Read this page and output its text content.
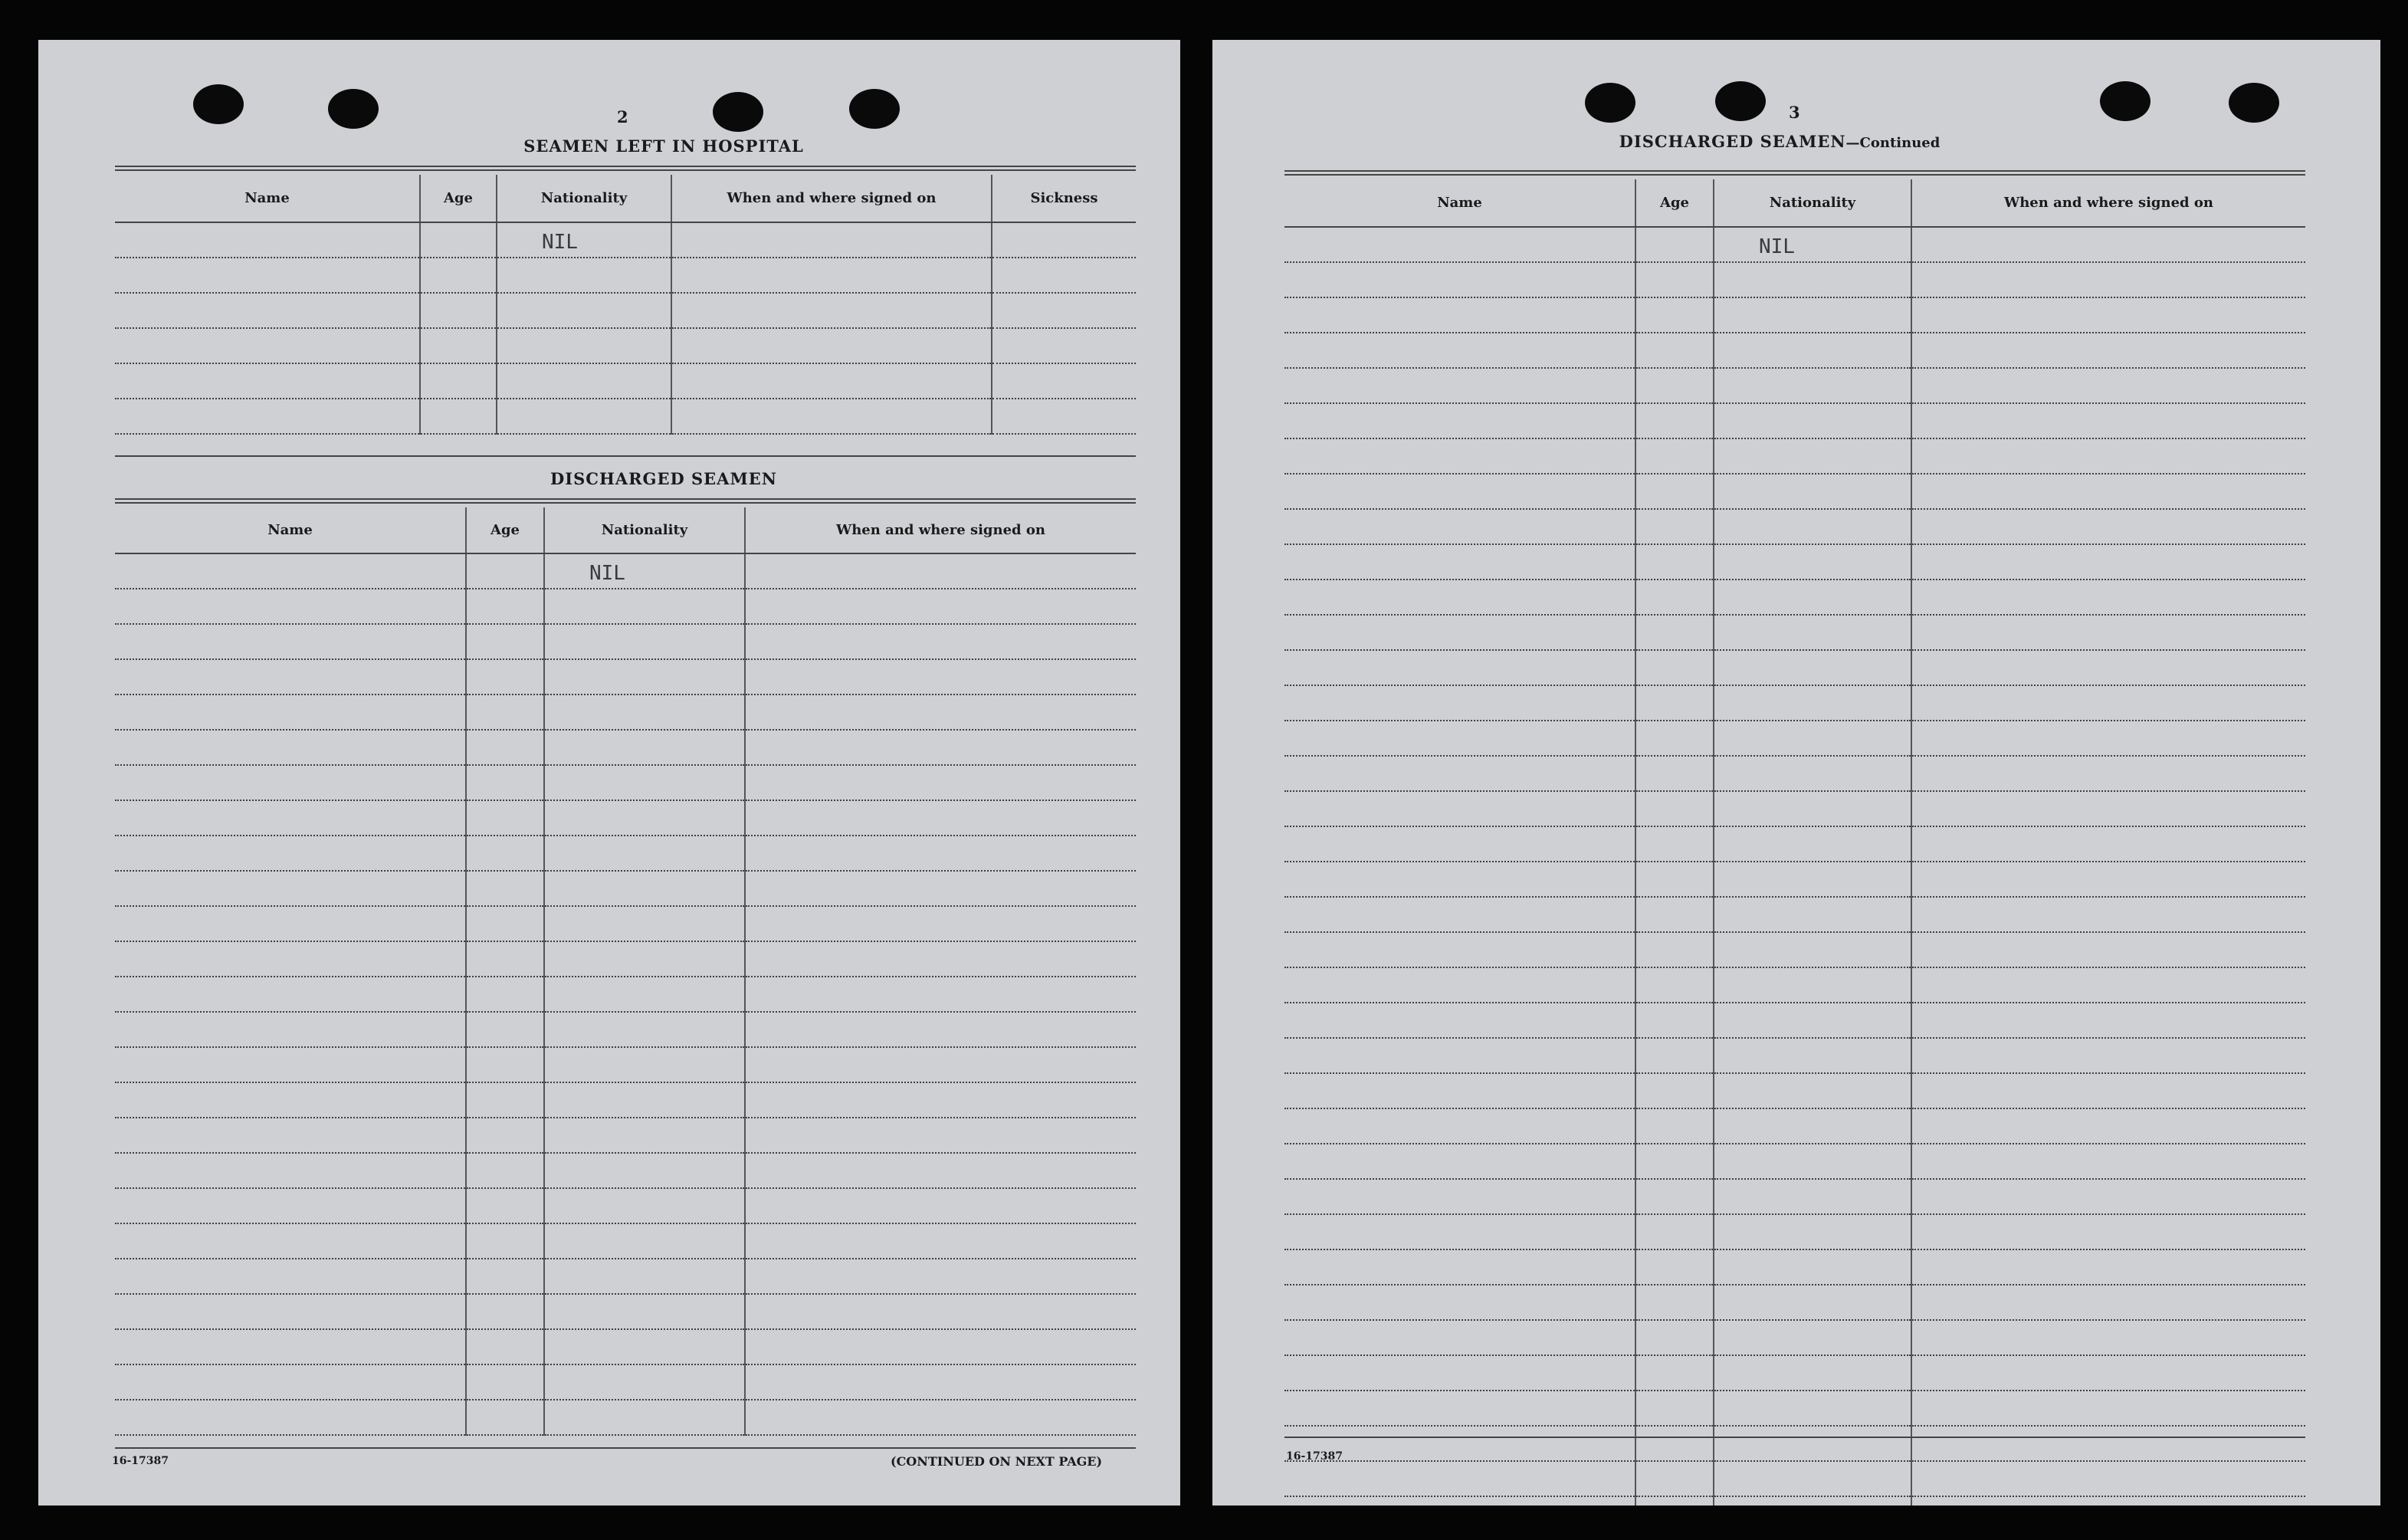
2
SEAMEN LEFT IN HOSPITAL
Name	Age	Nationality	When and where signed on	Sickness
		NIL		

DISCHARGED SEAMEN
Name	Age	Nationality	When and where signed on
		NIL	

16-17387	(CONTINUED ON NEXT PAGE)
3
DISCHARGED SEAMEN—Continued
Name	Age	Nationality	When and where signed on
		NIL	

16-17387
